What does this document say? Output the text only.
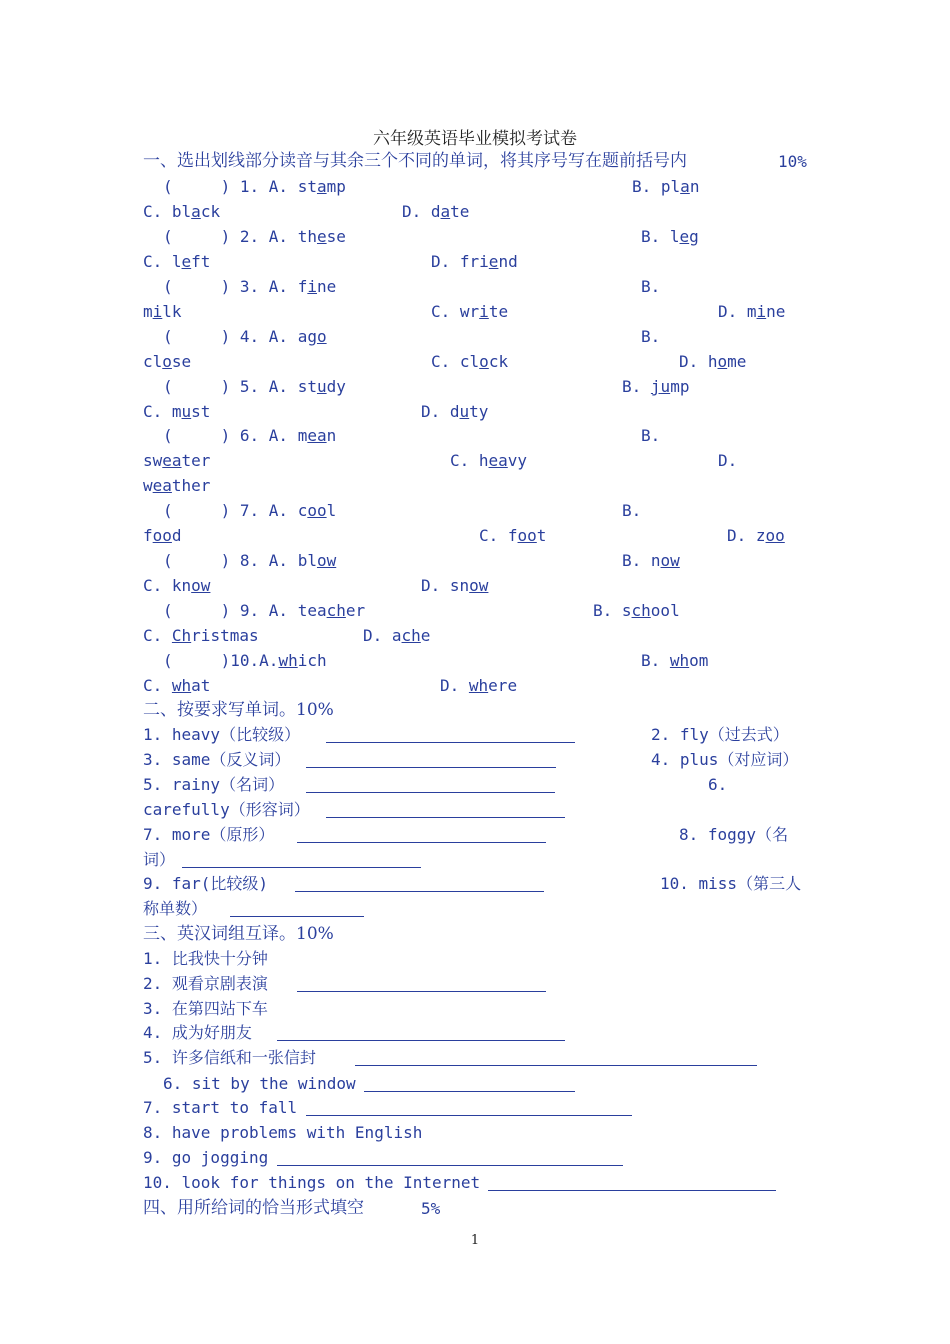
六年级英语毕业模拟考试卷
一、选出划线部分读音与其余三个不同的单词，将其序号写在题前括号内	10%
(　　　) 1. A. stamp	B. plan
C. black	D. date
(　　　) 2. A. these	B. leg
C. left	D. friend
(　　　) 3. A. fine	B.
milk	C. write	D. mine
(　　　) 4. A. ago	B.
close	C. clock	D. home
(　　　) 5. A. study	B. jump
C. must	D. duty
(　　　) 6. A. mean	B.
sweater	C. heavy	D.
weather
(　　　) 7. A. cool	B.
food	C. foot	D. zoo
(　　　) 8. A. blow	B. now
C. know	D. snow
(　　　) 9. A. teacher	B. school
C. Christmas	D. ache
(　　　)10.A.which	B. whom
C. what	D. where
二、按要求写单词。10%
1. heavy（比较级）	2. fly（过去式）
3. same（反义词）	4. plus（对应词）
5. rainy（名词）	6.
carefully（形容词）
7. more（原形）	8. foggy（名
词）
9. far(比较级)	10. miss（第三人
称单数）
三、英汉词组互译。10%
1. 比我快十分钟
2. 观看京剧表演
3. 在第四站下车
4. 成为好朋友
5. 许多信纸和一张信封
6. sit by the window
7. start to fall
8. have problems with English
9. go jogging
10. look for things on the Internet
四、用所给词的恰当形式填空	5%
1
